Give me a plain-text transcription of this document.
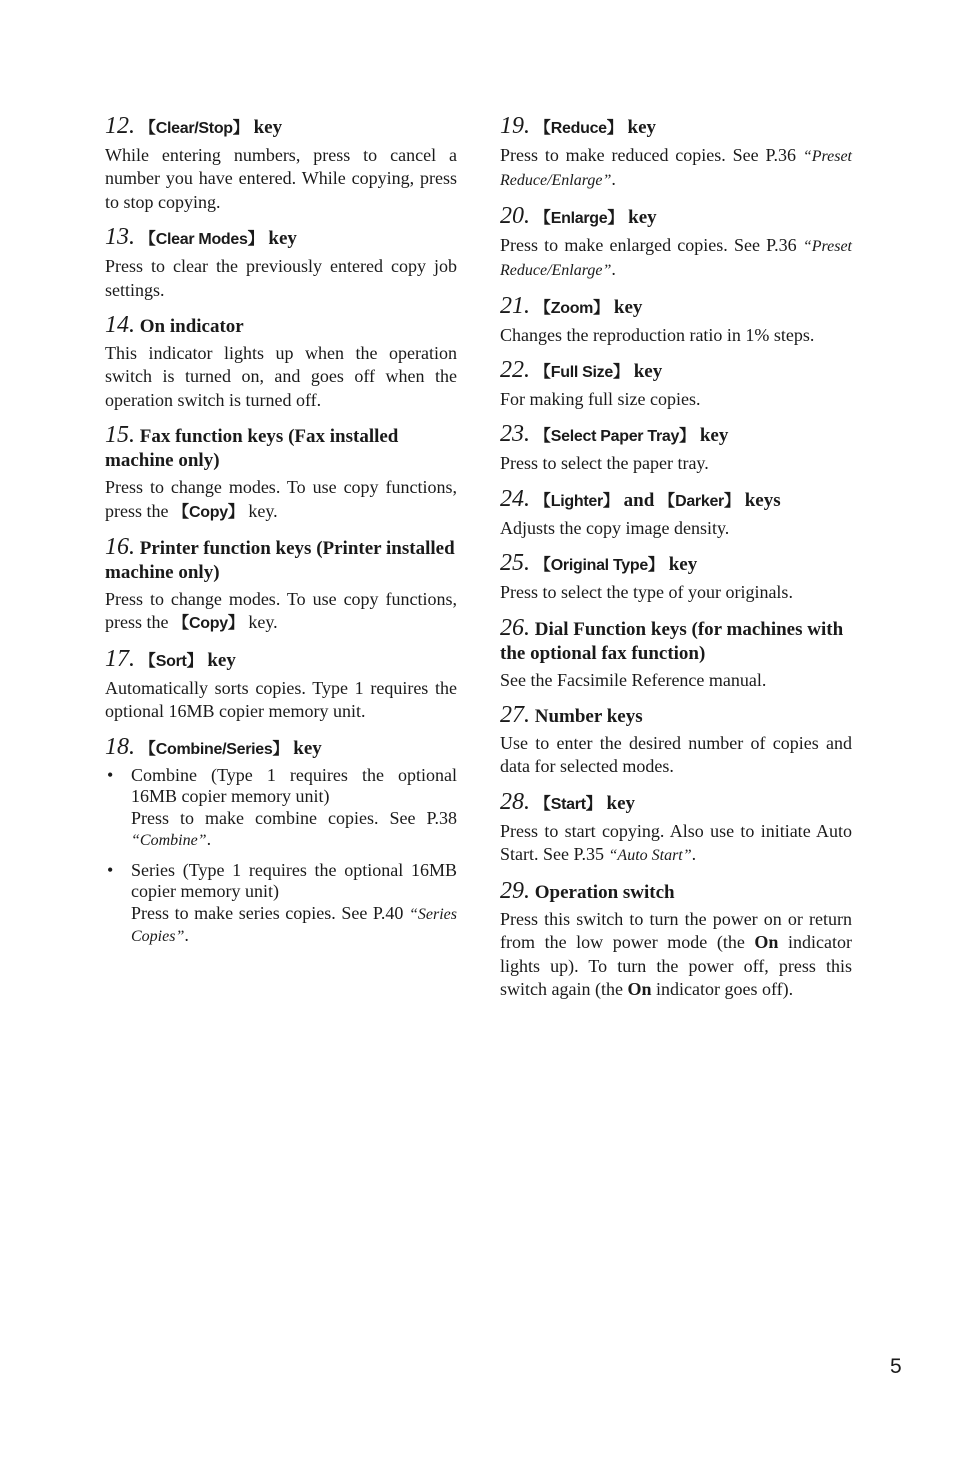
12. 【Clear/Stop】 key

While entering numbers, press to cancel a number you have entered. While copying, press to stop copying.

13. 【Clear Modes】 key

Press to clear the previously entered copy job settings.

14. On indicator

This indicator lights up when the operation switch is turned on, and goes off when the operation switch is turned off.

15. Fax function keys (Fax installed machine only)

Press to change modes. To use copy functions, press the 【Copy】 key.

16. Printer function keys (Printer installed machine only)

Press to change modes. To use copy functions, press the 【Copy】 key.

17. 【Sort】 key

Automatically sorts copies. Type 1 requires the optional 16MB copier memory unit.

18. 【Combine/Series】 key
• Combine (Type 1 requires the optional 16MB copier memory unit)
Press to make combine copies. See P.38 “Combine”.
• Series (Type 1 requires the optional 16MB copier memory unit)
Press to make series copies. See P.40 “Series Copies”.
19. 【Reduce】 key

Press to make reduced copies. See P.36 “Preset Reduce/Enlarge”.

20. 【Enlarge】 key

Press to make enlarged copies. See P.36 “Preset Reduce/Enlarge”.

21. 【Zoom】 key

Changes the reproduction ratio in 1% steps.

22. 【Full Size】 key

For making full size copies.

23. 【Select Paper Tray】 key

Press to select the paper tray.

24. 【Lighter】 and 【Darker】 keys

Adjusts the copy image density.

25. 【Original Type】 key

Press to select the type of your originals.

26. Dial Function keys (for machines with the optional fax function)

See the Facsimile Reference manual.

27. Number keys

Use to enter the desired number of copies and data for selected modes.

28. 【Start】 key

Press to start copying. Also use to initiate Auto Start. See P.35 “Auto Start”.

29. Operation switch

Press this switch to turn the power on or return from the low power mode (the On indicator lights up). To turn the power off, press this switch again (the On indicator goes off).

5
